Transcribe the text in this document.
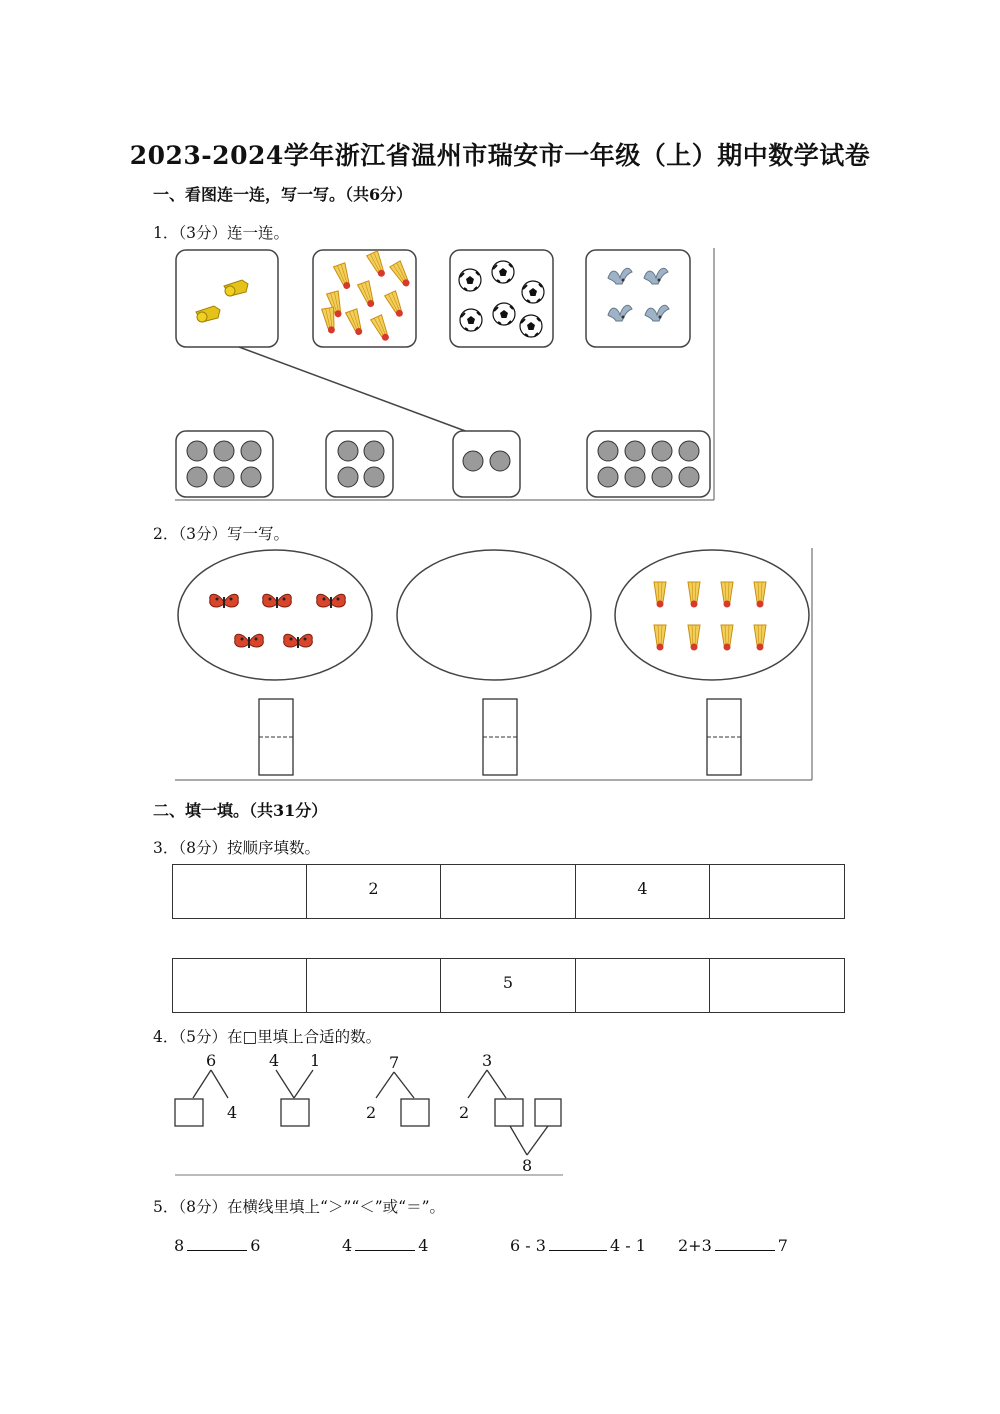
2023-2024学年浙江省温州市瑞安市一年级（上）期中数学试卷
一、看图连一连，写一写。（共6分）
1．（3分）连一连。
2．（3分）写一写。
二、填一填。（共31分）
3．（8分）按顺序填数。
4．（5分）在□里填上合适的数。
5．（8分）在横线里填上“＞”“＜”或“＝”。
2	4
5
6
4
4 1	7
2
3
2
8
8	6	4	4	6 - 3	4 - 1 2+3	7
